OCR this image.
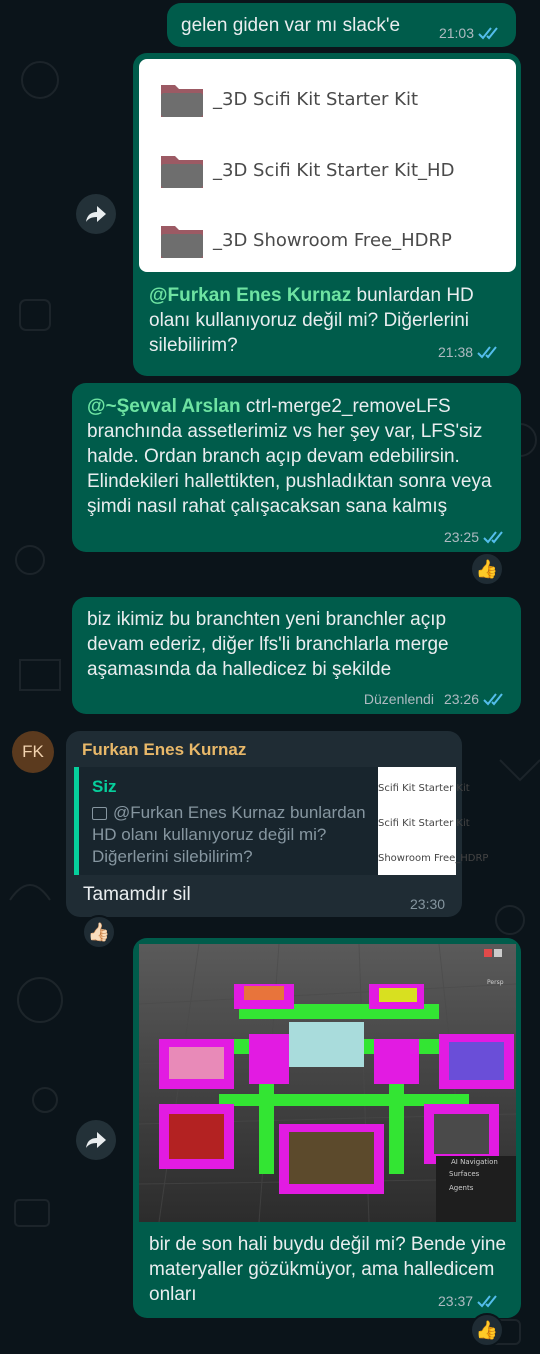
gelen giden var mı slack'e	21:03
_3D Scifi Kit Starter Kit
_3D Scifi Kit Starter Kit_HD
_3D Showroom Free_HDRP
@Furkan Enes Kurnaz bunlardan HD olanı kullanıyoruz değil mi? Diğerlerini silebilirim?	21:38
@~Şevval Arslan ctrl-merge2_removeLFS branchında assetlerimiz vs her şey var, LFS'siz halde. Ordan branch açıp devam edebilirsin. Elindekileri hallettikten, pushladıktan sonra veya şimdi nasıl rahat çalışacaksan sana kalmış
23:25
👍
biz ikimiz bu branchten yeni branchler açıp devam ederiz, diğer lfs'li branchlarla merge aşamasında da halledicez bi şekilde
Düzenlendi 23:26
FK	Furkan Enes Kurnaz
Siz
@Furkan Enes Kurnaz bunlardan HD olanı kullanıyoruz değil mi? Diğerlerini silebilirim?
Scifi Kit Starter Kit
Scifi Kit Starter Kit
Showroom Free_HDRP
Tamamdır sil	23:30
👍🏻
AI Navigation
Surfaces
Agents
Persp
bir de son hali buydu değil mi? Bende yine materyaller gözükmüyor, ama halledicem onları	23:37
👍
